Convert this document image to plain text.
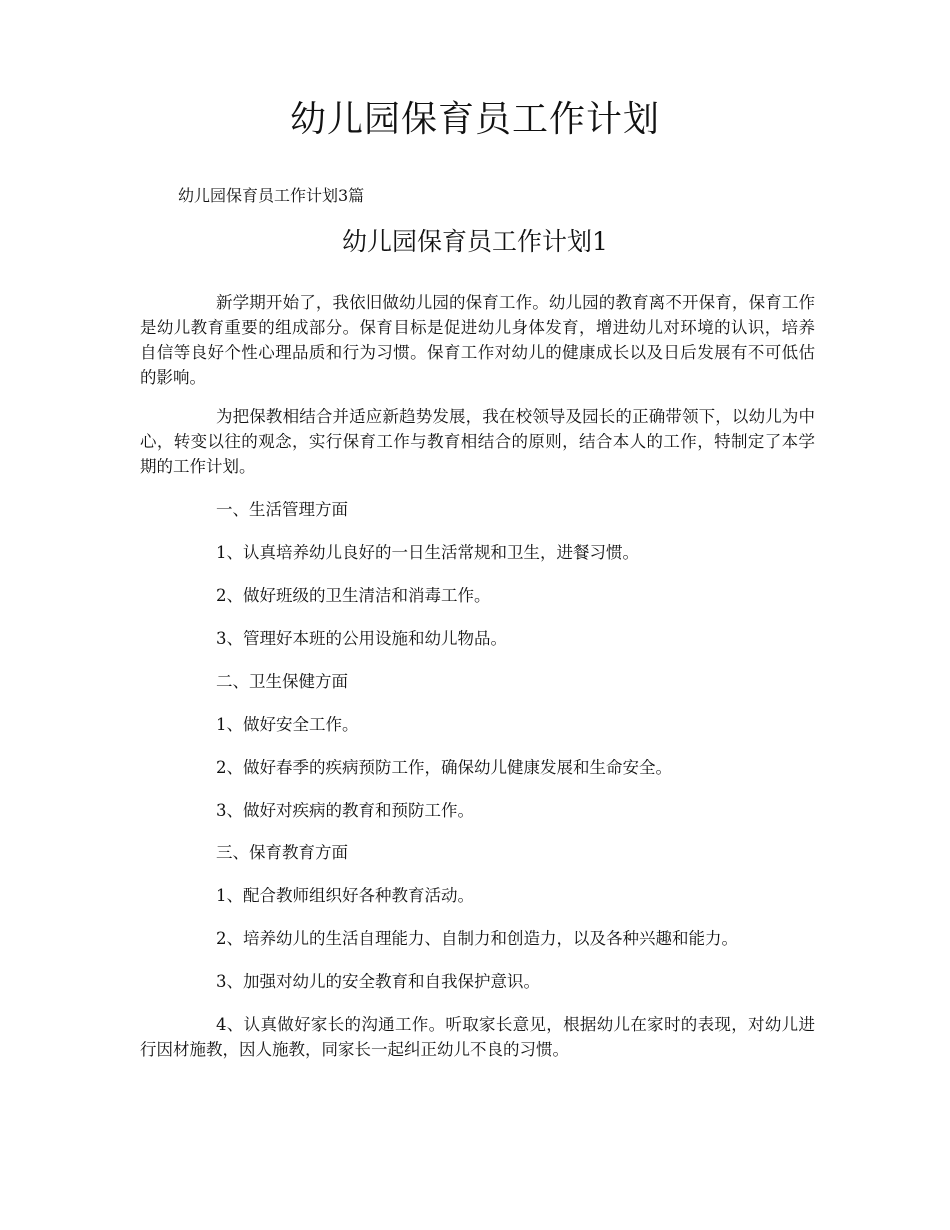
幼儿园保育员工作计划
幼儿园保育员工作计划3篇
幼儿园保育员工作计划1

新学期开始了，我依旧做幼儿园的保育工作。幼儿园的教育离不开保育，保育工作是幼儿教育重要的组成部分。保育目标是促进幼儿身体发育，增进幼儿对环境的认识，培养自信等良好个性心理品质和行为习惯。保育工作对幼儿的健康成长以及日后发展有不可低估的影响。

为把保教相结合并适应新趋势发展，我在校领导及园长的正确带领下，以幼儿为中心，转变以往的观念，实行保育工作与教育相结合的原则，结合本人的工作，特制定了本学期的工作计划。

一、生活管理方面

1、认真培养幼儿良好的一日生活常规和卫生，进餐习惯。

2、做好班级的卫生清洁和消毒工作。

3、管理好本班的公用设施和幼儿物品。

二、卫生保健方面

1、做好安全工作。

2、做好春季的疾病预防工作，确保幼儿健康发展和生命安全。

3、做好对疾病的教育和预防工作。

三、保育教育方面

1、配合教师组织好各种教育活动。

2、培养幼儿的生活自理能力、自制力和创造力，以及各种兴趣和能力。

3、加强对幼儿的安全教育和自我保护意识。

4、认真做好家长的沟通工作。听取家长意见，根据幼儿在家时的表现，对幼儿进行因材施教，因人施教，同家长一起纠正幼儿不良的习惯。
